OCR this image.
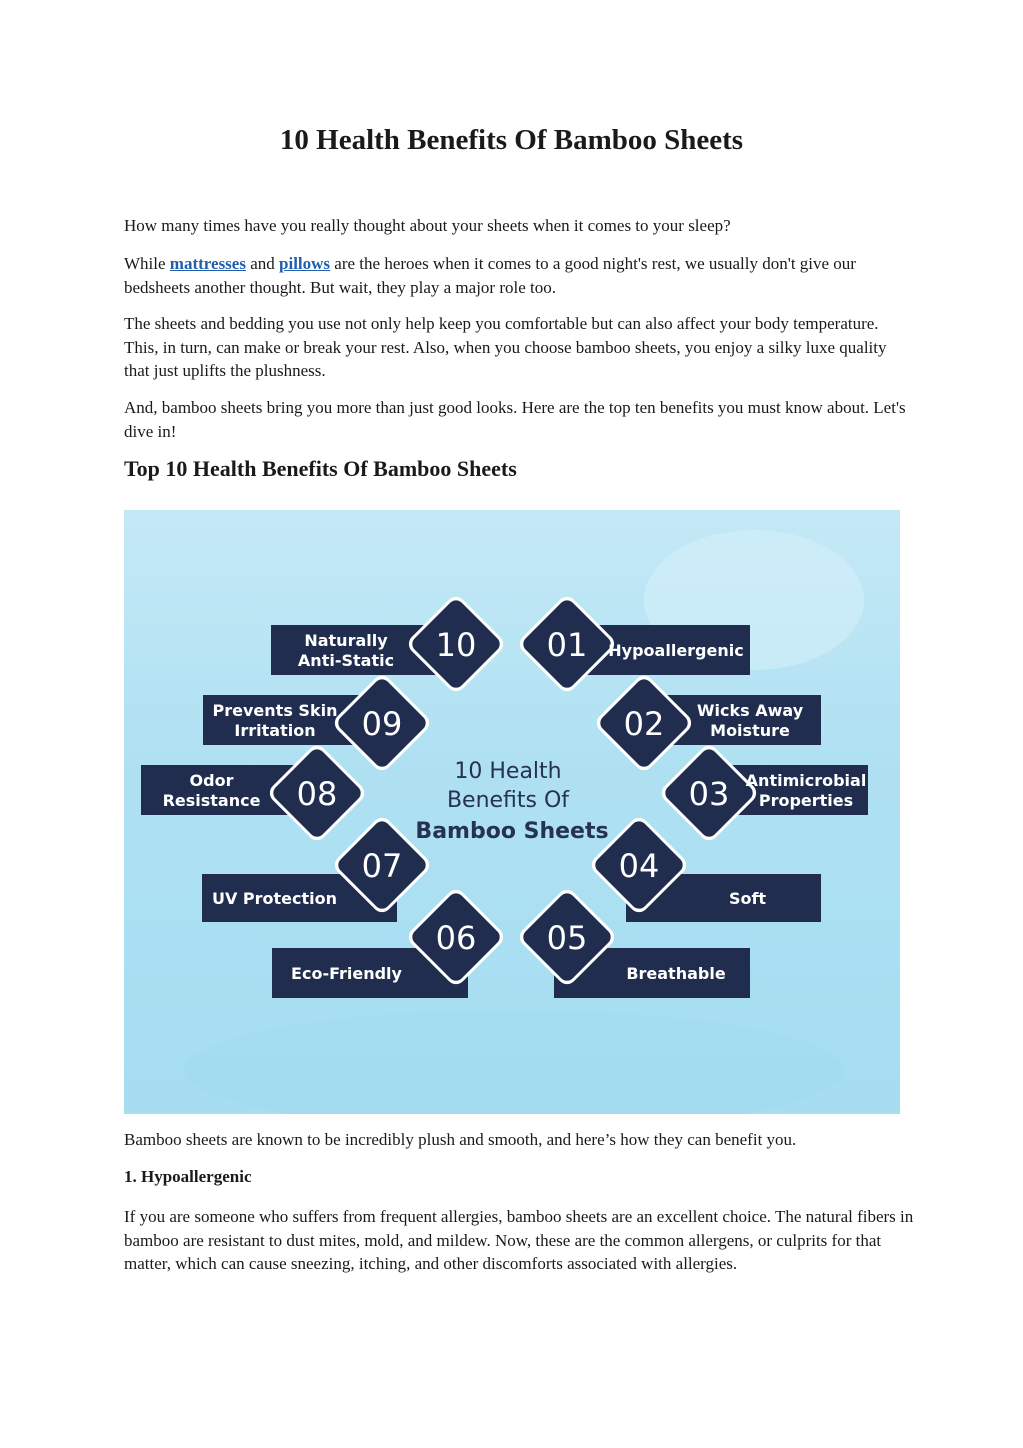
10 Health Benefits Of Bamboo Sheets

How many times have you really thought about your sheets when it comes to your sleep?

While mattresses and pillows are the heroes when it comes to a good night's rest, we usually don't give our bedsheets another thought. But wait, they play a major role too.

The sheets and bedding you use not only help keep you comfortable but can also affect your body temperature. This, in turn, can make or break your rest. Also, when you choose bamboo sheets, you enjoy a silky luxe quality that just uplifts the plushness.

And, bamboo sheets bring you more than just good looks. Here are the top ten benefits you must know about. Let's dive in!

Top 10 Health Benefits Of Bamboo Sheets
01 Hypoallergenic
02 Wicks Away
Moisture
03 Antimicrobial
Properties
04
Soft
05
Breathable
06
Eco-Friendly
07
UV Protection
08
Odor
Resistance
09
Prevents Skin
Irritation
10
Naturally
Anti-Static
10 Health
Benefits Of
Bamboo Sheets

Bamboo sheets are known to be incredibly plush and smooth, and here’s how they can benefit you.

1. Hypoallergenic

If you are someone who suffers from frequent allergies, bamboo sheets are an excellent choice. The natural fibers in bamboo are resistant to dust mites, mold, and mildew. Now, these are the common allergens, or culprits for that matter, which can cause sneezing, itching, and other discomforts associated with allergies.
